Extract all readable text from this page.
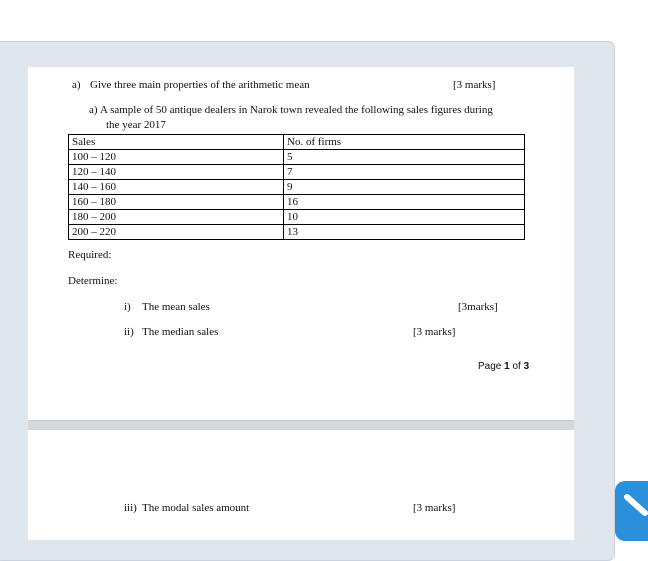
a) Give three main properties of the arithmetic mean	[3 marks]
a) A sample of 50 antique dealers in Narok town revealed the following sales figures during
the year 2017
Sales	No. of firms
100 – 120	5
120 – 140	7
140 – 160	9
160 – 180	16
180 – 200	10
200 – 220	13
Required:
Determine:
i) The mean sales	[3marks]
ii) The median sales	[3 marks]
Page 1 of 3
iii) The modal sales amount	[3 marks]
